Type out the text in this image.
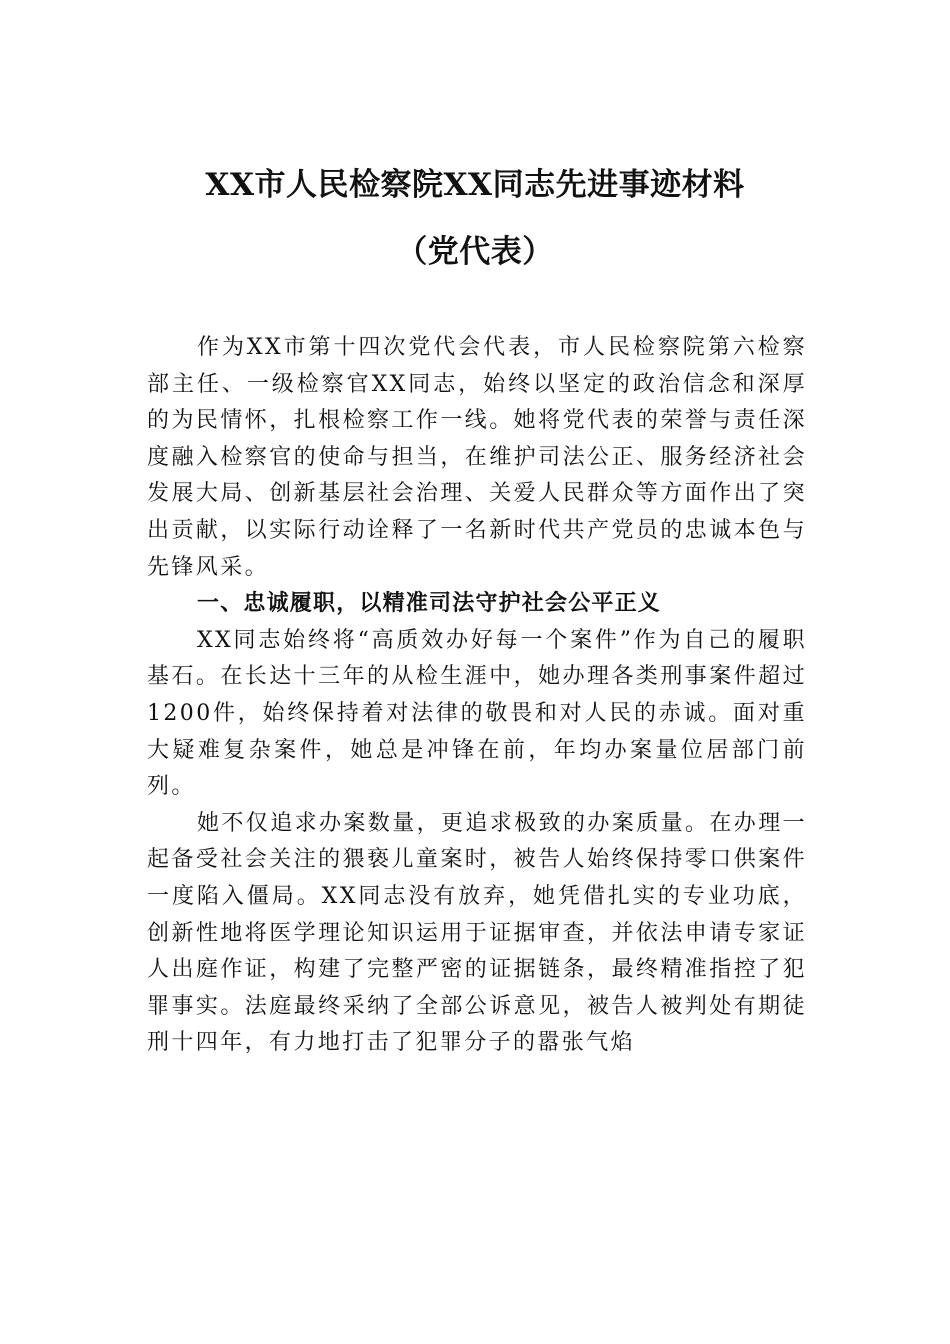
XX市人民检察院XX同志先进事迹材料
（党代表）

作为XX市第十四次党代会代表，市人民检察院第六检察部主任、一级检察官XX同志，始终以坚定的政治信念和深厚的为民情怀，扎根检察工作一线。她将党代表的荣誉与责任深度融入检察官的使命与担当，在维护司法公正、服务经济社会发展大局、创新基层社会治理、关爱人民群众等方面作出了突出贡献，以实际行动诠释了一名新时代共产党员的忠诚本色与先锋风采。

一、忠诚履职，以精准司法守护社会公平正义

XX同志始终将“高质效办好每一个案件”作为自己的履职基石。在长达十三年的从检生涯中，她办理各类刑事案件超过1200件，始终保持着对法律的敬畏和对人民的赤诚。面对重大疑难复杂案件，她总是冲锋在前，年均办案量位居部门前列。

她不仅追求办案数量，更追求极致的办案质量。在办理一起备受社会关注的猥亵儿童案时，被告人始终保持零口供案件一度陷入僵局。XX同志没有放弃，她凭借扎实的专业功底，创新性地将医学理论知识运用于证据审查，并依法申请专家证人出庭作证，构建了完整严密的证据链条，最终精准指控了犯罪事实。法庭最终采纳了全部公诉意见，被告人被判处有期徒刑十四年，有力地打击了犯罪分子的嚣张气焰
